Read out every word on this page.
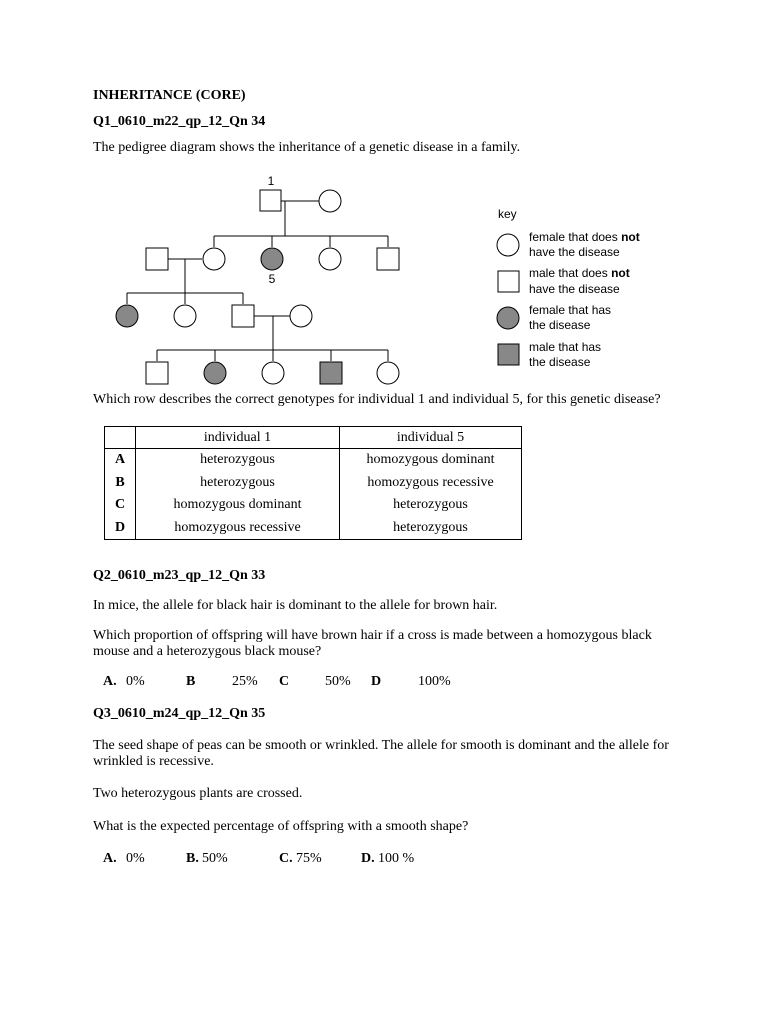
INHERITANCE (CORE)
Q1_0610_m22_qp_12_Qn 34
The pedigree diagram shows the inheritance of a genetic disease in a family.
1
5
key
female that does not
have the disease
male that does not
have the disease
female that has
the disease
male that has
the disease
Which row describes the correct genotypes for individual 1 and individual 5, for this genetic disease?
	individual 1	individual 5
A	heterozygous	homozygous dominant
B	heterozygous	homozygous recessive
C	homozygous dominant	heterozygous
D	homozygous recessive	heterozygous
Q2_0610_m23_qp_12_Qn 33
In mice, the allele for black hair is dominant to the allele for brown hair.
Which proportion of offspring will have brown hair if a cross is made between a homozygous black mouse and a heterozygous black mouse?
A. 0%	B	25% C	50% D	100%
Q3_0610_m24_qp_12_Qn 35
The seed shape of peas can be smooth or wrinkled. The allele for smooth is dominant and the allele for wrinkled is recessive.
Two heterozygous plants are crossed.
What is the expected percentage of offspring with a smooth shape?
A. 0%	B. 50%	C. 75%	D. 100 %
